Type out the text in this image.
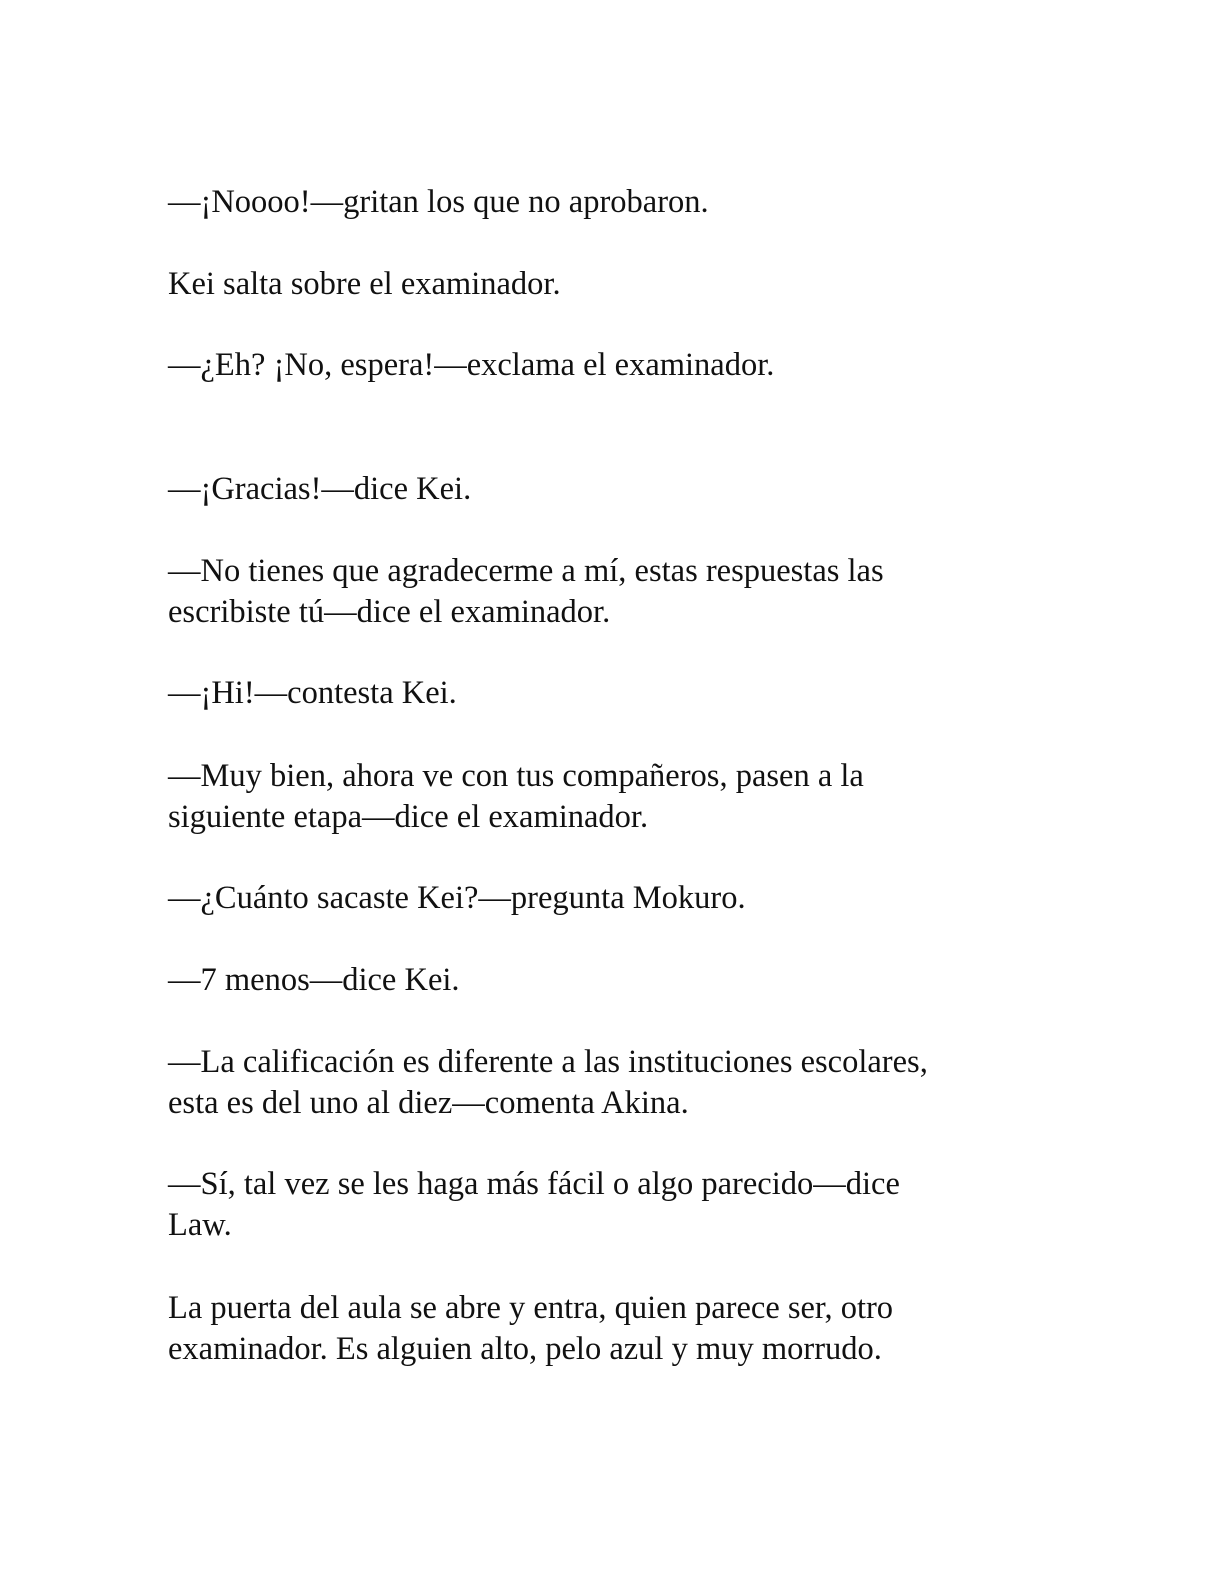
—¡Noooo!—gritan los que no aprobaron.

Kei salta sobre el examinador.

—¿Eh? ¡No, espera!—exclama el examinador.

—¡Gracias!—dice Kei.

—No tienes que agradecerme a mí, estas respuestas las
escribiste tú—dice el examinador.

—¡Hi!—contesta Kei.

—Muy bien, ahora ve con tus compañeros, pasen a la
siguiente etapa—dice el examinador.

—¿Cuánto sacaste Kei?—pregunta Mokuro.

—7 menos—dice Kei.

—La calificación es diferente a las instituciones escolares,
esta es del uno al diez—comenta Akina.

—Sí, tal vez se les haga más fácil o algo parecido—dice
Law.

La puerta del aula se abre y entra, quien parece ser, otro
examinador. Es alguien alto, pelo azul y muy morrudo.
